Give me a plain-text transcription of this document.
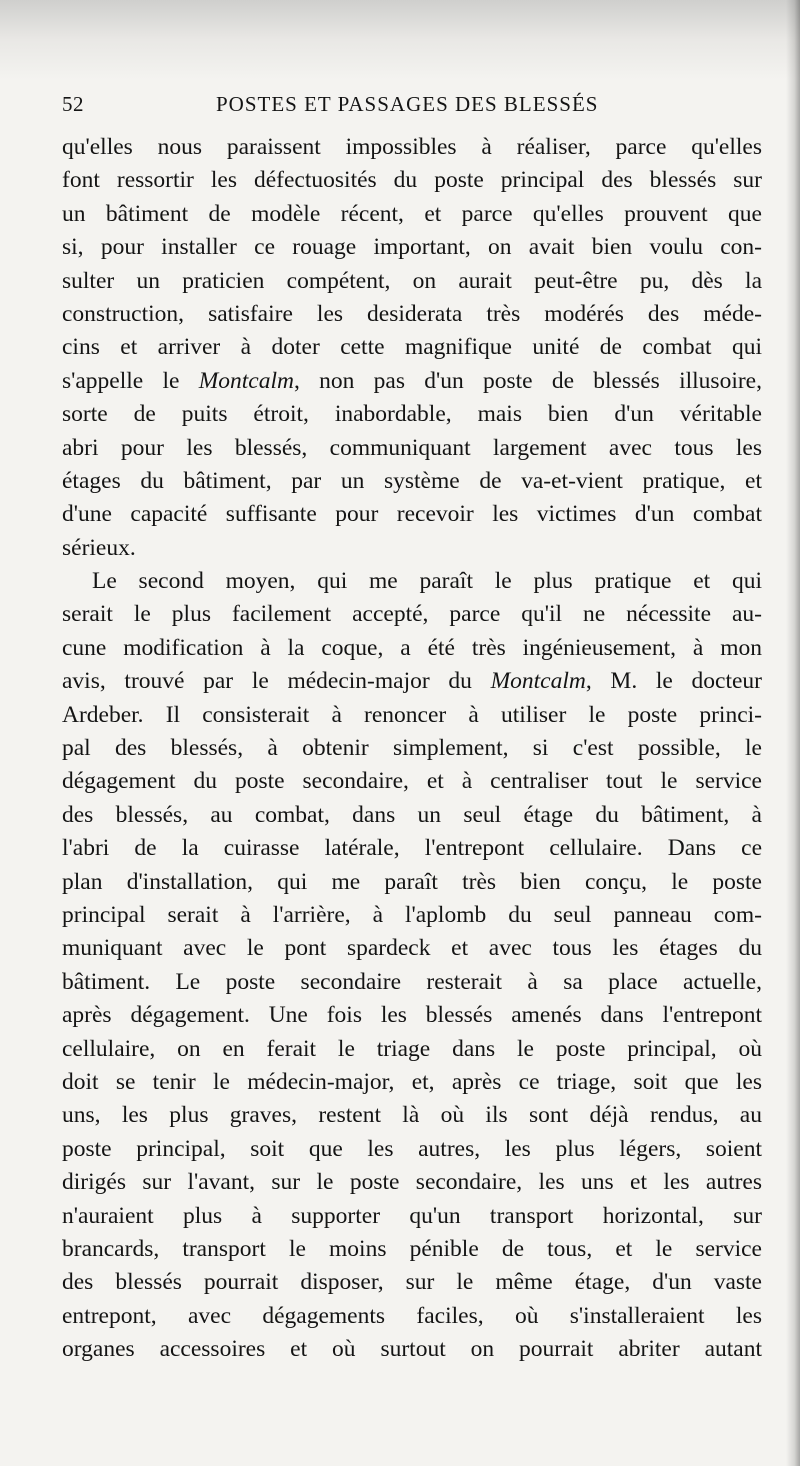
52	POSTES ET PASSAGES DES BLESSÉS
qu'elles nous paraissent impossibles à réaliser, parce qu'elles
font ressortir les défectuosités du poste principal des blessés sur
un bâtiment de modèle récent, et parce qu'elles prouvent que
si, pour installer ce rouage important, on avait bien voulu con-
sulter un praticien compétent, on aurait peut-être pu, dès la
construction, satisfaire les desiderata très modérés des méde-
cins et arriver à doter cette magnifique unité de combat qui
s'appelle le Montcalm, non pas d'un poste de blessés illusoire,
sorte de puits étroit, inabordable, mais bien d'un véritable
abri pour les blessés, communiquant largement avec tous les
étages du bâtiment, par un système de va-et-vient pratique, et
d'une capacité suffisante pour recevoir les victimes d'un combat
sérieux.
Le second moyen, qui me paraît le plus pratique et qui
serait le plus facilement accepté, parce qu'il ne nécessite au-
cune modification à la coque, a été très ingénieusement, à mon
avis, trouvé par le médecin-major du Montcalm, M. le docteur
Ardeber. Il consisterait à renoncer à utiliser le poste princi-
pal des blessés, à obtenir simplement, si c'est possible, le
dégagement du poste secondaire, et à centraliser tout le service
des blessés, au combat, dans un seul étage du bâtiment, à
l'abri de la cuirasse latérale, l'entrepont cellulaire. Dans ce
plan d'installation, qui me paraît très bien conçu, le poste
principal serait à l'arrière, à l'aplomb du seul panneau com-
muniquant avec le pont spardeck et avec tous les étages du
bâtiment. Le poste secondaire resterait à sa place actuelle,
après dégagement. Une fois les blessés amenés dans l'entrepont
cellulaire, on en ferait le triage dans le poste principal, où
doit se tenir le médecin-major, et, après ce triage, soit que les
uns, les plus graves, restent là où ils sont déjà rendus, au
poste principal, soit que les autres, les plus légers, soient
dirigés sur l'avant, sur le poste secondaire, les uns et les autres
n'auraient plus à supporter qu'un transport horizontal, sur
brancards, transport le moins pénible de tous, et le service
des blessés pourrait disposer, sur le même étage, d'un vaste
entrepont, avec dégagements faciles, où s'installeraient les
organes accessoires et où surtout on pourrait abriter autant
